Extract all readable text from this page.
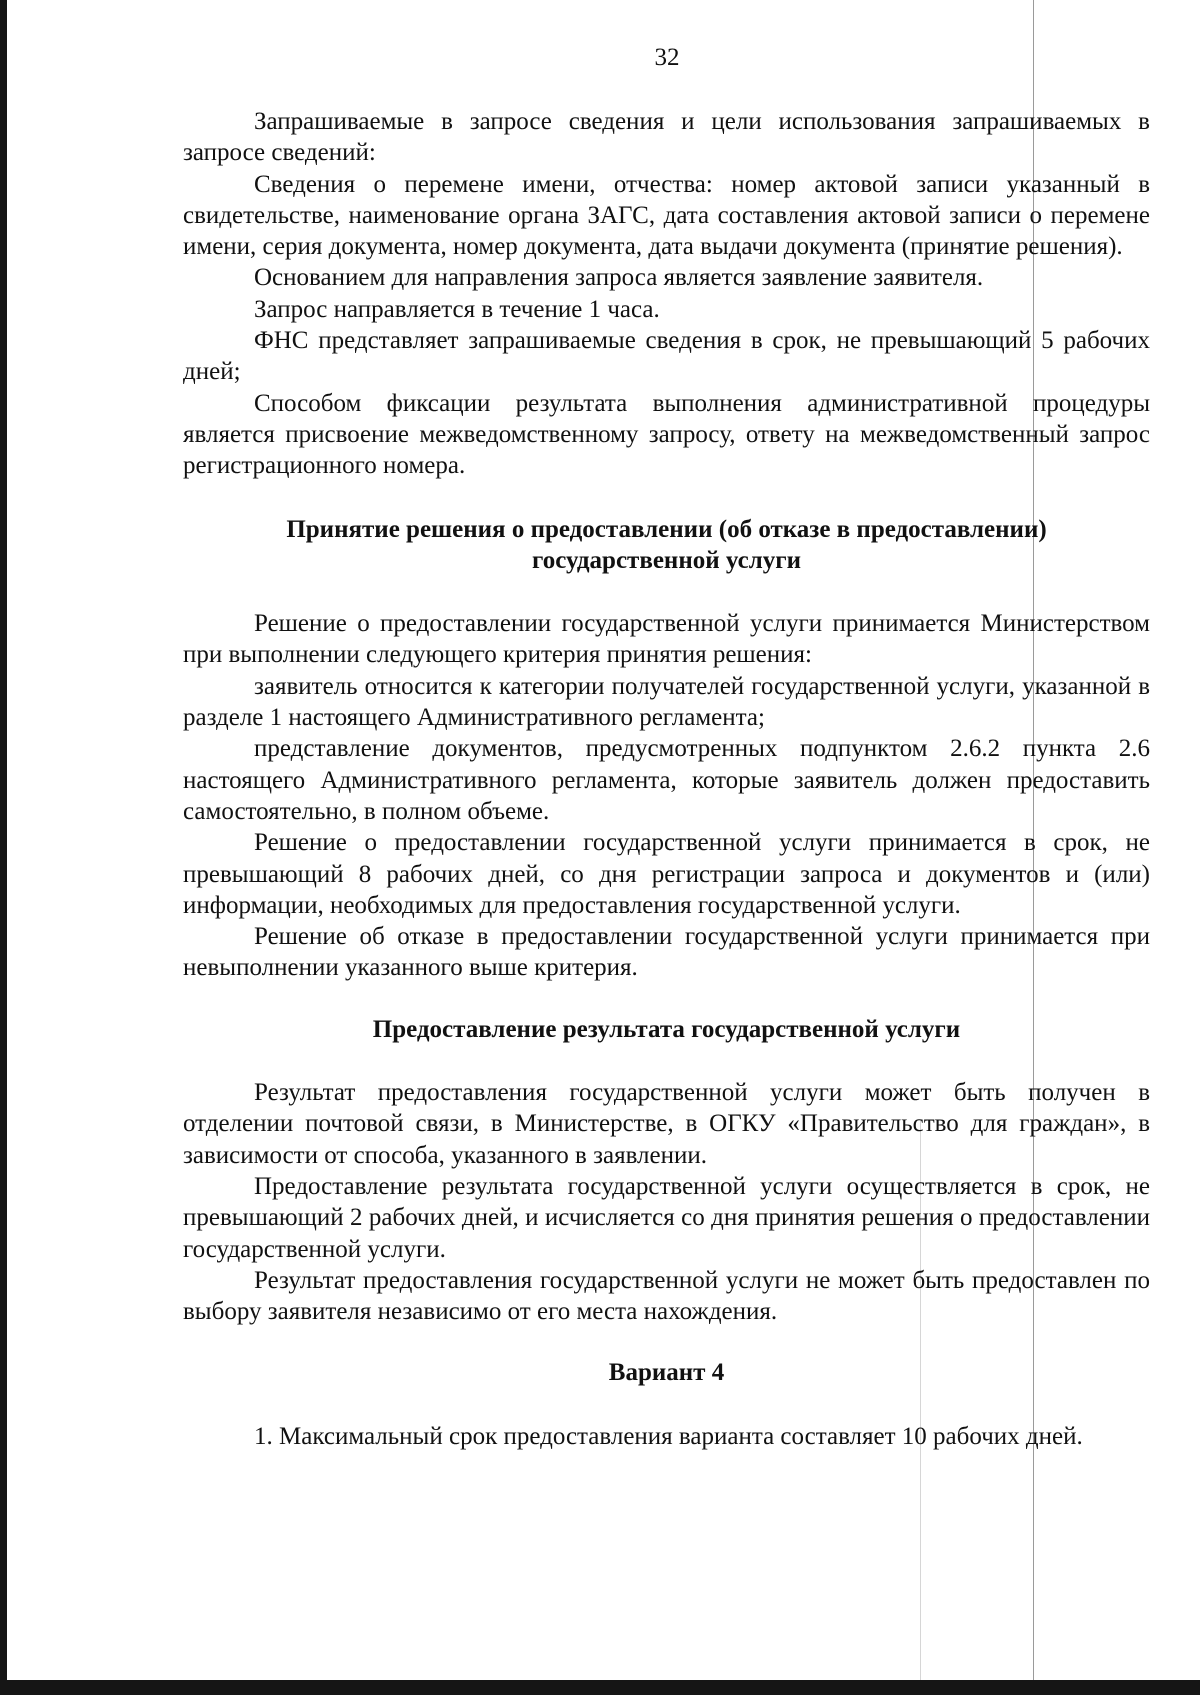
32

Запрашиваемые в запросе сведения и цели использования запрашиваемых в запросе сведений:

Сведения о перемене имени, отчества: номер актовой записи указанный в свидетельстве, наименование органа ЗАГС, дата составления актовой записи о перемене имени, серия документа, номер документа, дата выдачи документа (принятие решения).

Основанием для направления запроса является заявление заявителя.

Запрос направляется в течение 1 часа.

ФНС представляет запрашиваемые сведения в срок, не превышающий 5 рабочих дней;

Способом фиксации результата выполнения административной процедуры является присвоение межведомственному запросу, ответу на межведомственный запрос регистрационного номера.

Принятие решения о предоставлении (об отказе в предоставлении)
государственной услуги

Решение о предоставлении государственной услуги принимается Министерством при выполнении следующего критерия принятия решения:

заявитель относится к категории получателей государственной услуги, указанной в разделе 1 настоящего Административного регламента;

представление документов, предусмотренных подпунктом 2.6.2 пункта 2.6 настоящего Административного регламента, которые заявитель должен предоставить самостоятельно, в полном объеме.

Решение о предоставлении государственной услуги принимается в срок, не превышающий 8 рабочих дней, со дня регистрации запроса и документов и (или) информации, необходимых для предоставления государственной услуги.

Решение об отказе в предоставлении государственной услуги принимается при невыполнении указанного выше критерия.

Предоставление результата государственной услуги

Результат предоставления государственной услуги может быть получен в отделении почтовой связи, в Министерстве, в ОГКУ «Правительство для граждан», в зависимости от способа, указанного в заявлении.

Предоставление результата государственной услуги осуществляется в срок, не превышающий 2 рабочих дней, и исчисляется со дня принятия решения о предоставлении государственной услуги.

Результат предоставления государственной услуги не может быть предоставлен по выбору заявителя независимо от его места нахождения.

Вариант 4

1. Максимальный срок предоставления варианта составляет 10 рабочих дней.
